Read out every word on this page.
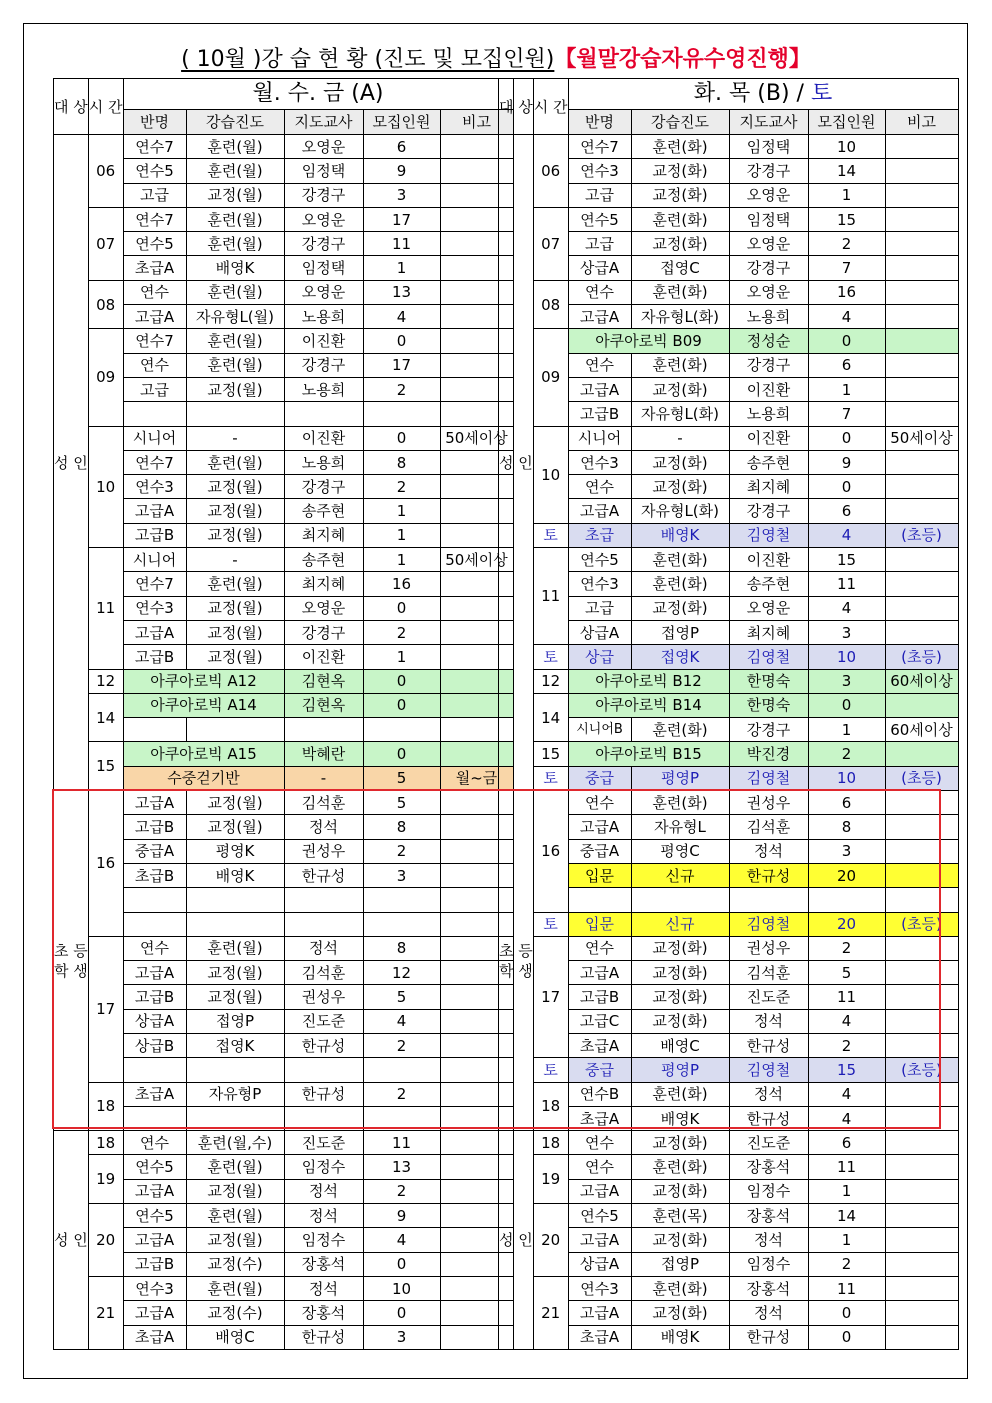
( 10월 )강 습 현 황 (진도 및 모집인원)【월말강습자유수영진행】
대 상	시 간	월. 수. 금 (A)				
		반명	강습진도	지도교사	모집인원	비고
성 인	06	연수7	훈련(월)	오영운	6	
		연수5	훈련(월)	임정택	9	
		고급	교정(월)	강경구	3	
	07	연수7	훈련(월)	오영운	17	
		연수5	훈련(월)	강경구	11	
		초급A	배영K	임정택	1	
	08	연수	훈련(월)	오영운	13	
		고급A	자유형L(월)	노용희	4	
	09	연수7	훈련(월)	이진환	0	
		연수	훈련(월)	강경구	17	
		고급	교정(월)	노용희	2	

	10	시니어	-	이진환	0	50세이상
		연수7	훈련(월)	노용희	8	
		연수3	교정(월)	강경구	2	
		고급A	교정(월)	송주현	1	
		고급B	교정(월)	최지혜	1	
	11	시니어	-	송주현	1	50세이상
		연수7	훈련(월)	최지혜	16	
		연수3	교정(월)	오영운	0	
		고급A	교정(월)	강경구	2	
		고급B	교정(월)	이진환	1	
	12	아쿠아로빅 A12		김현옥	0	
	14	아쿠아로빅 A14		김현옥	0	

	15	아쿠아로빅 A15		박혜란	0	
		수중걷기반		-	5	월~금
초 등 학 생	16	고급A	교정(월)	김석훈	5	
		고급B	교정(월)	정석	8	
		중급A	평영K	권성우	2	
		초급B	배영K	한규성	3	

	17	연수	훈련(월)	정석	8	
		고급A	교정(월)	김석훈	12	
		고급B	교정(월)	권성우	5	
		상급A	접영P	진도준	4	
		상급B	접영K	한규성	2	

	18	초급A	자유형P	한규성	2	

성 인	18	연수	훈련(월,수)	진도준	11	
	19	연수5	훈련(월)	임정수	13	
		고급A	교정(월)	정석	2	
	20	연수5	훈련(월)	정석	9	
		고급A	교정(월)	임정수	4	
		고급B	교정(수)	장홍석	0	
	21	연수3	훈련(월)	정석	10	
		고급A	교정(수)	장홍석	0	
		초급A	배영C	한규성	3	
대 상	시 간	화. 목 (B) / 토				
		반명	강습진도	지도교사	모집인원	비고
성 인	06	연수7	훈련(화)	임정택	10	
		연수3	교정(화)	강경구	14	
		고급	교정(화)	오영운	1	
	07	연수5	훈련(화)	임정택	15	
		고급	교정(화)	오영운	2	
		상급A	접영C	강경구	7	
	08	연수	훈련(화)	오영운	16	
		고급A	자유형L(화)	노용희	4	
	09	아쿠아로빅 B09		정성순	0	
		연수	훈련(화)	강경구	6	
		고급A	교정(화)	이진환	1	
		고급B	자유형L(화)	노용희	7	
	10	시니어	-	이진환	0	50세이상
		연수3	교정(화)	송주현	9	
		연수	교정(화)	최지혜	0	
		고급A	자유형L(화)	강경구	6	
	토	초급	배영K	김영철	4	(초등)
	11	연수5	훈련(화)	이진환	15	
		연수3	훈련(화)	송주현	11	
		고급	교정(화)	오영운	4	
		상급A	접영P	최지혜	3	
	토	상급	접영K	김영철	10	(초등)
	12	아쿠아로빅 B12		한명숙	3	60세이상
	14	아쿠아로빅 B14		한명숙	0	
		시니어B	훈련(화)	강경구	1	60세이상
	15	아쿠아로빅 B15		박진경	2	
	토	중급	평영P	김영철	10	(초등)
초 등 학 생	16	연수	훈련(화)	권성우	6	
		고급A	자유형L	김석훈	8	
		중급A	평영C	정석	3	
		입문	신규	한규성	20	

	토	입문	신규	김영철	20	(초등)
	17	연수	교정(화)	권성우	2	
		고급A	교정(화)	김석훈	5	
		고급B	교정(화)	진도준	11	
		고급C	교정(화)	정석	4	
		초급A	배영C	한규성	2	
	토	중급	평영P	김영철	15	(초등)
	18	연수B	훈련(화)	정석	4	
		초급A	배영K	한규성	4	
성 인	18	연수	교정(화)	진도준	6	
	19	연수	훈련(화)	장홍석	11	
		고급A	교정(화)	임정수	1	
	20	연수5	훈련(목)	장홍석	14	
		고급A	교정(화)	정석	1	
		상급A	접영P	임정수	2	
	21	연수3	훈련(화)	장홍석	11	
		고급A	교정(화)	정석	0	
		초급A	배영K	한규성	0	
